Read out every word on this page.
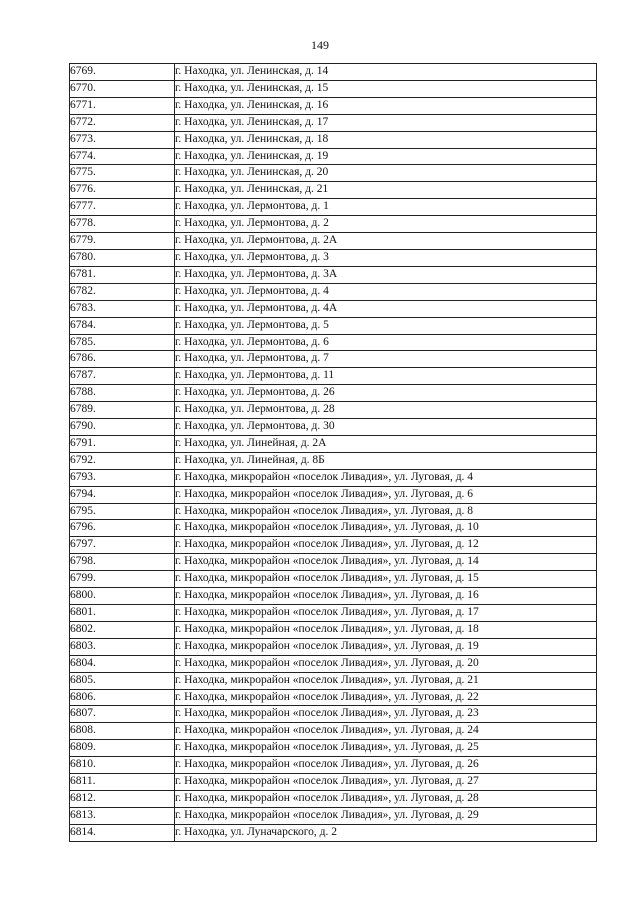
149
6769.	г. Находка, ул. Ленинская, д. 14
6770.	г. Находка, ул. Ленинская, д. 15
6771.	г. Находка, ул. Ленинская, д. 16
6772.	г. Находка, ул. Ленинская, д. 17
6773.	г. Находка, ул. Ленинская, д. 18
6774.	г. Находка, ул. Ленинская, д. 19
6775.	г. Находка, ул. Ленинская, д. 20
6776.	г. Находка, ул. Ленинская, д. 21
6777.	г. Находка, ул. Лермонтова, д. 1
6778.	г. Находка, ул. Лермонтова, д. 2
6779.	г. Находка, ул. Лермонтова, д. 2А
6780.	г. Находка, ул. Лермонтова, д. 3
6781.	г. Находка, ул. Лермонтова, д. 3А
6782.	г. Находка, ул. Лермонтова, д. 4
6783.	г. Находка, ул. Лермонтова, д. 4А
6784.	г. Находка, ул. Лермонтова, д. 5
6785.	г. Находка, ул. Лермонтова, д. 6
6786.	г. Находка, ул. Лермонтова, д. 7
6787.	г. Находка, ул. Лермонтова, д. 11
6788.	г. Находка, ул. Лермонтова, д. 26
6789.	г. Находка, ул. Лермонтова, д. 28
6790.	г. Находка, ул. Лермонтова, д. 30
6791.	г. Находка, ул. Линейная, д. 2А
6792.	г. Находка, ул. Линейная, д. 8Б
6793.	г. Находка, микрорайон «поселок Ливадия», ул. Луговая, д. 4
6794.	г. Находка, микрорайон «поселок Ливадия», ул. Луговая, д. 6
6795.	г. Находка, микрорайон «поселок Ливадия», ул. Луговая, д. 8
6796.	г. Находка, микрорайон «поселок Ливадия», ул. Луговая, д. 10
6797.	г. Находка, микрорайон «поселок Ливадия», ул. Луговая, д. 12
6798.	г. Находка, микрорайон «поселок Ливадия», ул. Луговая, д. 14
6799.	г. Находка, микрорайон «поселок Ливадия», ул. Луговая, д. 15
6800.	г. Находка, микрорайон «поселок Ливадия», ул. Луговая, д. 16
6801.	г. Находка, микрорайон «поселок Ливадия», ул. Луговая, д. 17
6802.	г. Находка, микрорайон «поселок Ливадия», ул. Луговая, д. 18
6803.	г. Находка, микрорайон «поселок Ливадия», ул. Луговая, д. 19
6804.	г. Находка, микрорайон «поселок Ливадия», ул. Луговая, д. 20
6805.	г. Находка, микрорайон «поселок Ливадия», ул. Луговая, д. 21
6806.	г. Находка, микрорайон «поселок Ливадия», ул. Луговая, д. 22
6807.	г. Находка, микрорайон «поселок Ливадия», ул. Луговая, д. 23
6808.	г. Находка, микрорайон «поселок Ливадия», ул. Луговая, д. 24
6809.	г. Находка, микрорайон «поселок Ливадия», ул. Луговая, д. 25
6810.	г. Находка, микрорайон «поселок Ливадия», ул. Луговая, д. 26
6811.	г. Находка, микрорайон «поселок Ливадия», ул. Луговая, д. 27
6812.	г. Находка, микрорайон «поселок Ливадия», ул. Луговая, д. 28
6813.	г. Находка, микрорайон «поселок Ливадия», ул. Луговая, д. 29
6814.	г. Находка, ул. Луначарского, д. 2
